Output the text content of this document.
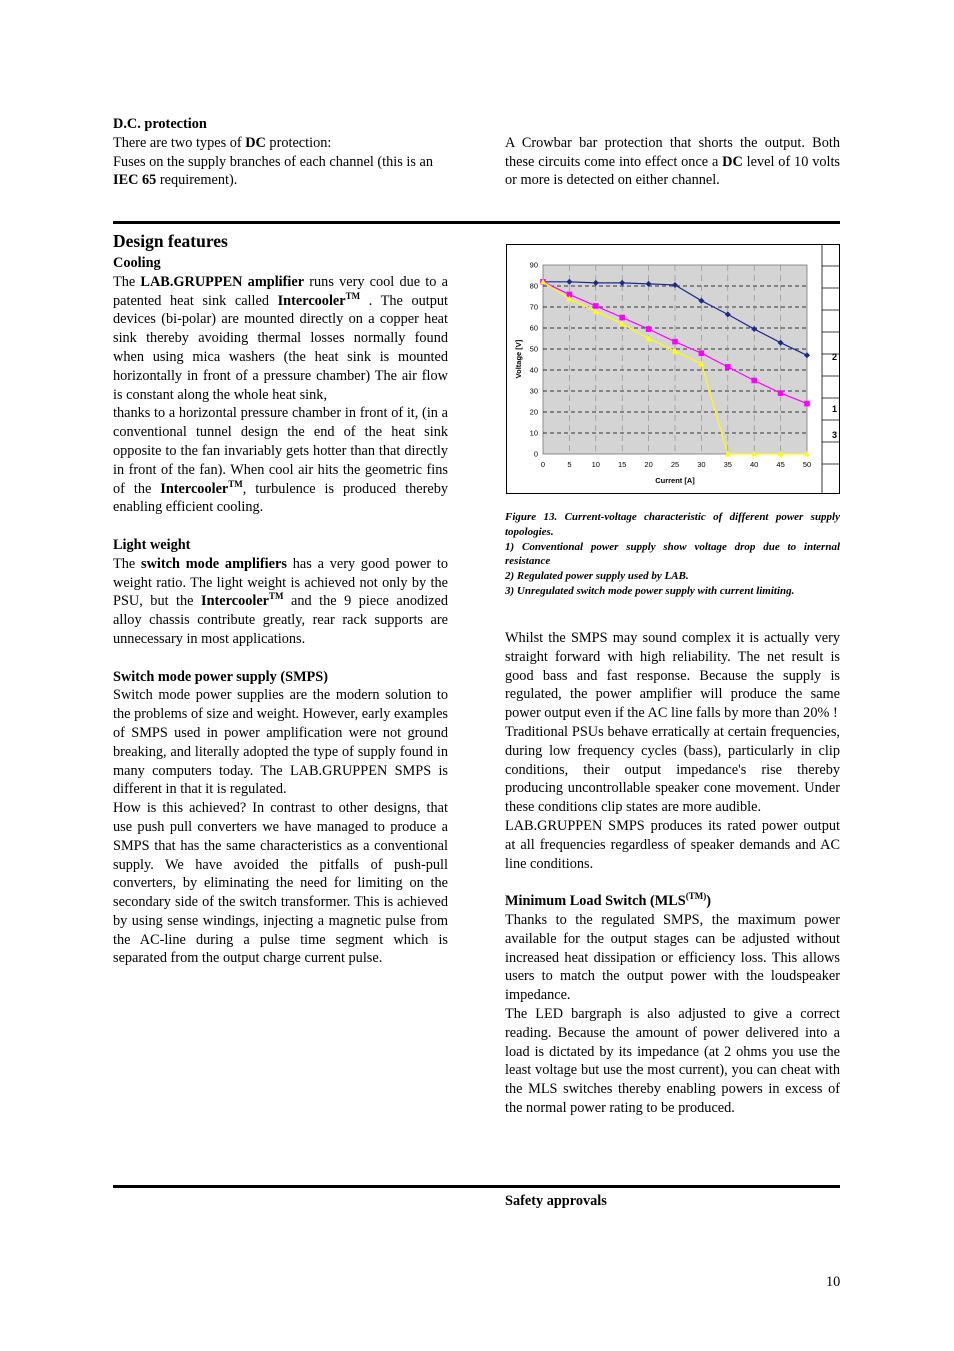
D.C. protection

There are two types of DC protection:

Fuses on the supply branches of each channel (this is an IEC 65 requirement).

A Crowbar bar protection that shorts the output. Both these circuits come into effect once a DC level of 10 volts or more is detected on either channel.

Design features

Cooling

The LAB.GRUPPEN amplifier runs very cool due to a patented heat sink called Intercooler™ . The output devices (bi-polar) are mounted directly on a copper heat sink thereby avoiding thermal losses normally found when using mica washers (the heat sink is mounted horizontally in front of a pressure chamber) The air flow is constant along the whole heat sink,

thanks to a horizontal pressure chamber in front of it, (in a conventional tunnel design the end of the heat sink opposite to the fan invariably gets hotter than that directly in front of the fan). When cool air hits the geometric fins of the Intercooler™, turbulence is produced thereby enabling efficient cooling.

Light weight

The switch mode amplifiers has a very good power to weight ratio. The light weight is achieved not only by the PSU, but the Intercooler™ and the 9 piece anodized alloy chassis contribute greatly, rear rack supports are unnecessary in most applications.

Switch mode power supply (SMPS)

Switch mode power supplies are the modern solution to the problems of size and weight. However, early examples of SMPS used in power amplification were not ground breaking, and literally adopted the type of supply found in many computers today. The LAB.GRUPPEN SMPS is different in that it is regulated.

How is this achieved? In contrast to other designs, that use push pull converters we have managed to produce a SMPS that has the same characteristics as a conventional supply. We have avoided the pitfalls of push-pull converters, by eliminating the need for limiting on the secondary side of the switch transformer. This is achieved by using sense windings, injecting a magnetic pulse from the AC-line during a pulse time segment which is separated from the output charge current pulse.

0
10
20
30
40
50
60
70
80
90
0	5	10 15 20 25 30 35 40 45 50
Current [A]
Voltage [V]	2
1
3

Figure 13. Current-voltage characteristic of different power supply topologies.

1) Conventional power supply show voltage drop due to internal resistance

2) Regulated power supply used by LAB.

3) Unregulated switch mode power supply with current limiting.

Whilst the SMPS may sound complex it is actually very straight forward with high reliability. The net result is good bass and fast response. Because the supply is regulated, the power amplifier will produce the same power output even if the AC line falls by more than 20% !

Traditional PSUs behave erratically at certain frequencies, during low frequency cycles (bass), particularly in clip conditions, their output impedance's rise thereby producing uncontrollable speaker cone movement. Under these conditions clip states are more audible.

LAB.GRUPPEN SMPS produces its rated power output at all frequencies regardless of speaker demands and AC line conditions.

Minimum Load Switch $(MLS^{(TM)})$

Thanks to the regulated SMPS, the maximum power available for the output stages can be adjusted without increased heat dissipation or efficiency loss. This allows users to match the output power with the loudspeaker impedance.

The LED bargraph is also adjusted to give a correct reading. Because the amount of power delivered into a load is dictated by its impedance (at 2 ohms you use the least voltage but use the most current), you can cheat with the MLS switches thereby enabling powers in excess of the normal power rating to be produced.

Safety approvals

10
